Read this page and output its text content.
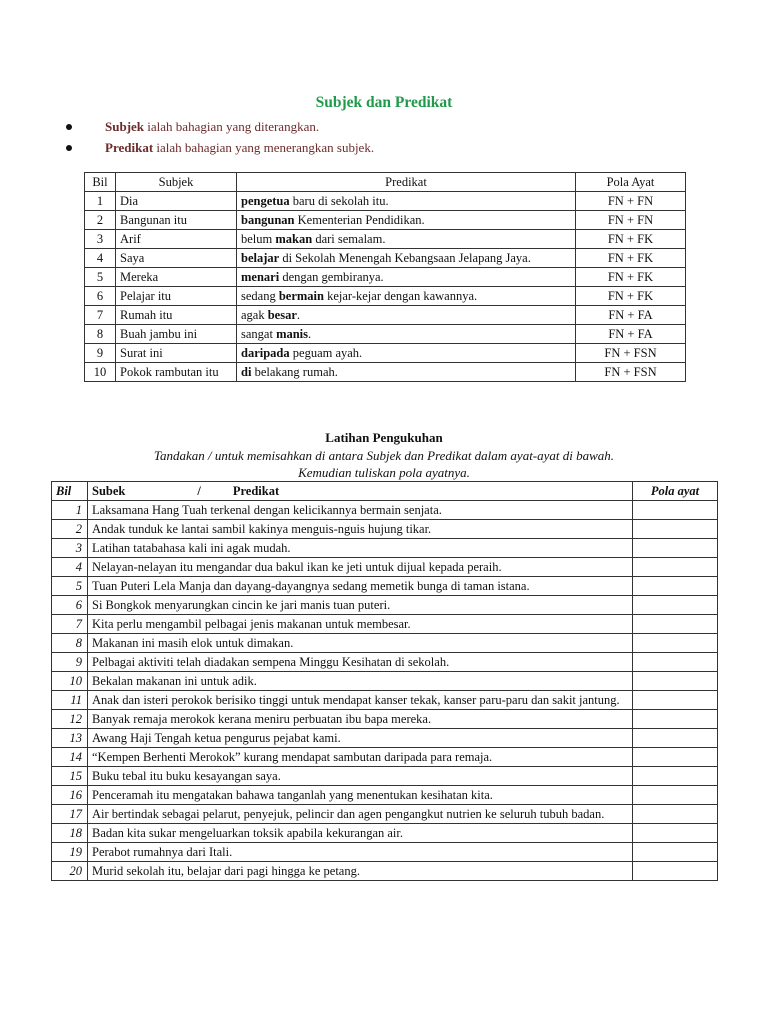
Subjek dan Predikat
Subjek ialah bahagian yang diterangkan.
Predikat ialah bahagian yang menerangkan subjek.
Bil	Subjek	Predikat	Pola Ayat
1	Dia	pengetua baru di sekolah itu.	FN + FN
2	Bangunan itu	bangunan Kementerian Pendidikan.	FN + FN
3	Arif	belum makan dari semalam.	FN + FK
4	Saya	belajar di Sekolah Menengah Kebangsaan Jelapang Jaya.	FN + FK
5	Mereka	menari dengan gembiranya.	FN + FK
6	Pelajar itu	sedang bermain kejar-kejar dengan kawannya.	FN + FK
7	Rumah itu	agak besar.	FN + FA
8	Buah jambu ini	sangat manis.	FN + FA
9	Surat ini	daripada peguam ayah.	FN + FSN
10	Pokok rambutan itu	di belakang rumah.	FN + FSN
Latihan Pengukuhan
Tandakan / untuk memisahkan di antara Subjek dan Predikat dalam ayat-ayat di bawah.
Kemudian tuliskan pola ayatnya.
Bil	Subek / Predikat	Pola ayat
1	Laksamana Hang Tuah terkenal dengan kelicikannya bermain senjata.	
2	Andak tunduk ke lantai sambil kakinya menguis-nguis hujung tikar.	
3	Latihan tatabahasa kali ini agak mudah.	
4	Nelayan-nelayan itu mengandar dua bakul ikan ke jeti untuk dijual kepada peraih.	
5	Tuan Puteri Lela Manja dan dayang-dayangnya sedang memetik bunga di taman istana.	
6	Si Bongkok menyarungkan cincin ke jari manis tuan puteri.	
7	Kita perlu mengambil pelbagai jenis makanan untuk membesar.	
8	Makanan ini masih elok untuk dimakan.	
9	Pelbagai aktiviti telah diadakan sempena Minggu Kesihatan di sekolah.	
10	Bekalan makanan ini untuk adik.	
11	Anak dan isteri perokok berisiko tinggi untuk mendapat kanser tekak, kanser paru-paru dan sakit jantung.	
12	Banyak remaja merokok kerana meniru perbuatan ibu bapa mereka.	
13	Awang Haji Tengah ketua pengurus pejabat kami.	
14	“Kempen Berhenti Merokok” kurang mendapat sambutan daripada para remaja.	
15	Buku tebal itu buku kesayangan saya.	
16	Penceramah itu mengatakan bahawa tanganlah yang menentukan kesihatan kita.	
17	Air bertindak sebagai pelarut, penyejuk, pelincir dan agen pengangkut nutrien ke seluruh tubuh badan.	
18	Badan kita sukar mengeluarkan toksik apabila kekurangan air.	
19	Perabot rumahnya dari Itali.	
20	Murid sekolah itu, belajar dari pagi hingga ke petang.	
